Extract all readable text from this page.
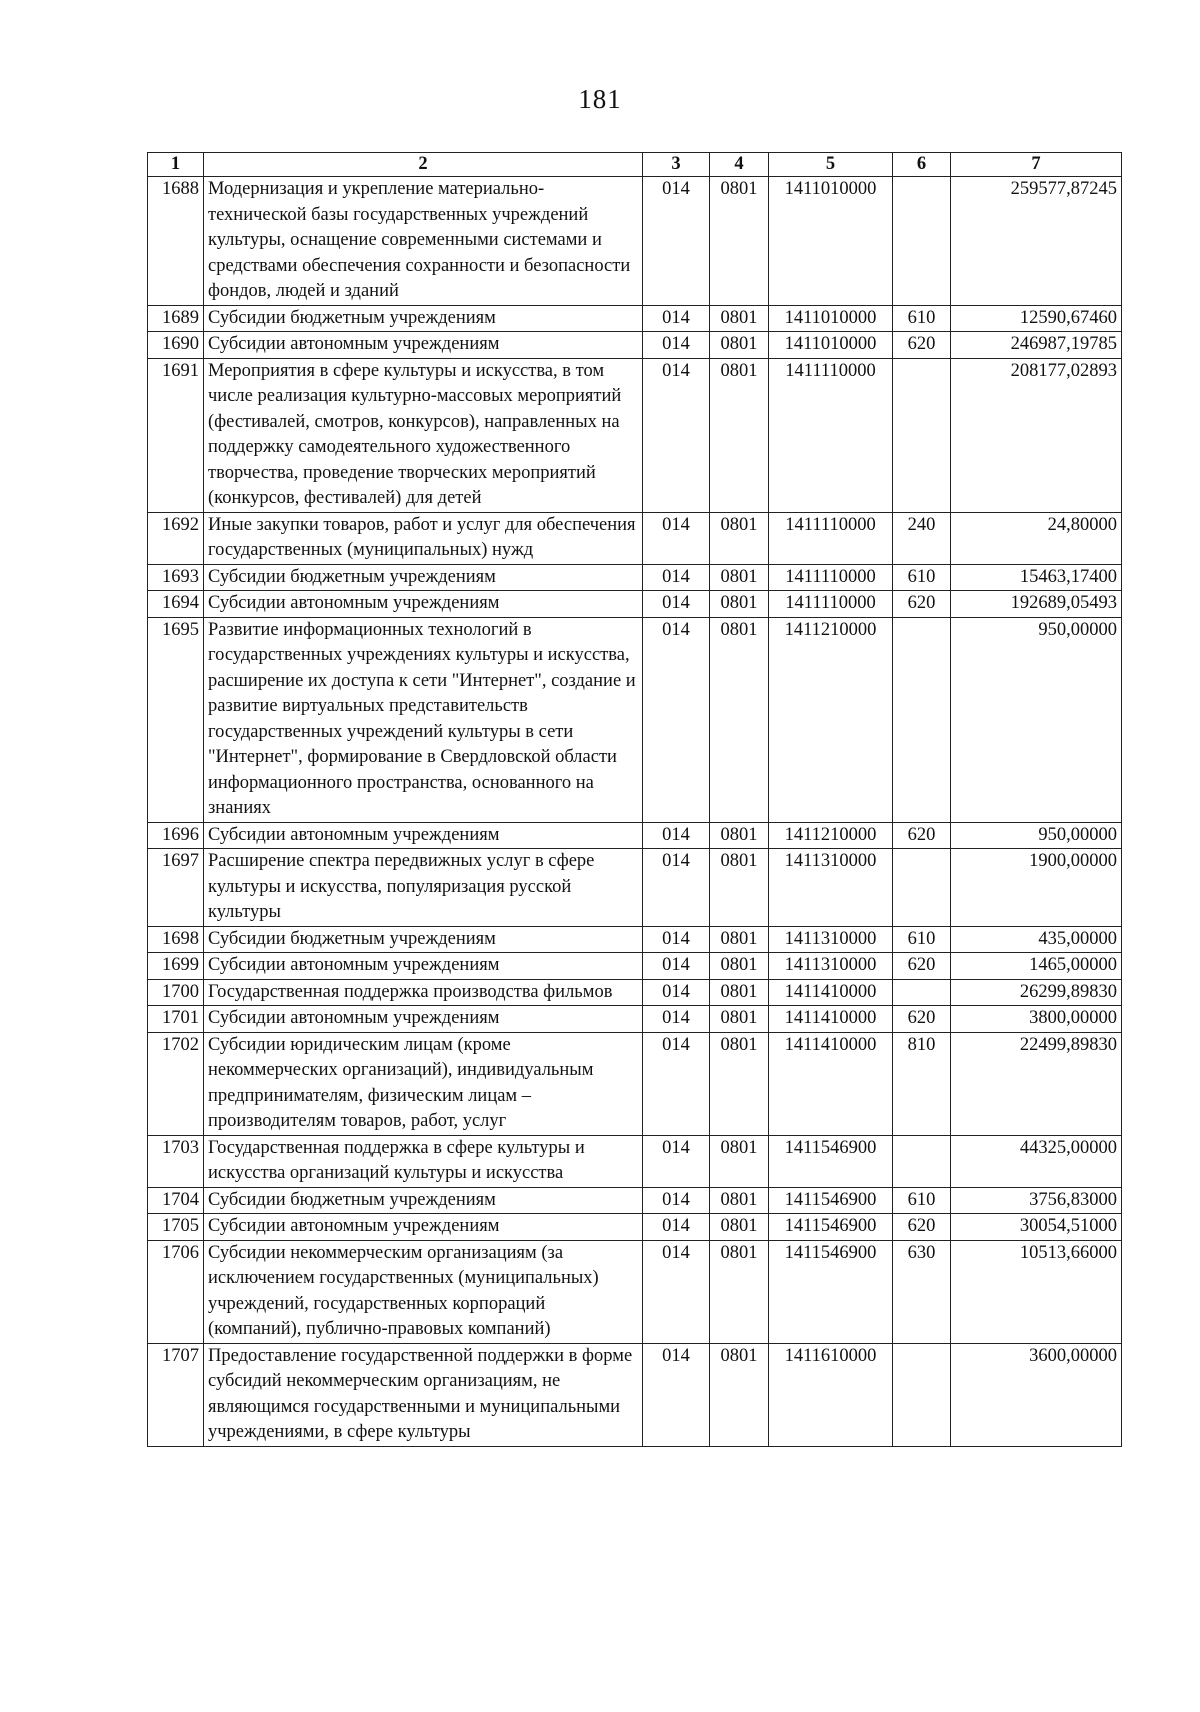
181
1	2	3	4	5	6	7
1688	Модернизация и укрепление материально-технической базы государственных учреждений культуры, оснащение современными системами и средствами обеспечения сохранности и безопасности фондов, людей и зданий	014	0801	1411010000		259577,87245
1689	Субсидии бюджетным учреждениям	014	0801	1411010000	610	12590,67460
1690	Субсидии автономным учреждениям	014	0801	1411010000	620	246987,19785
1691	Мероприятия в сфере культуры и искусства, в том числе реализация культурно-массовых мероприятий (фестивалей, смотров, конкурсов), направленных на поддержку самодеятельного художественного творчества, проведение творческих мероприятий (конкурсов, фестивалей) для детей	014	0801	1411110000		208177,02893
1692	Иные закупки товаров, работ и услуг для обеспечения государственных (муниципальных) нужд	014	0801	1411110000	240	24,80000
1693	Субсидии бюджетным учреждениям	014	0801	1411110000	610	15463,17400
1694	Субсидии автономным учреждениям	014	0801	1411110000	620	192689,05493
1695	Развитие информационных технологий в государственных учреждениях культуры и искусства, расширение их доступа к сети "Интернет", создание и развитие виртуальных представительств государственных учреждений культуры в сети "Интернет", формирование в Свердловской области информационного пространства, основанного на знаниях	014	0801	1411210000		950,00000
1696	Субсидии автономным учреждениям	014	0801	1411210000	620	950,00000
1697	Расширение спектра передвижных услуг в сфере культуры и искусства, популяризация русской культуры	014	0801	1411310000		1900,00000
1698	Субсидии бюджетным учреждениям	014	0801	1411310000	610	435,00000
1699	Субсидии автономным учреждениям	014	0801	1411310000	620	1465,00000
1700	Государственная поддержка производства фильмов	014	0801	1411410000		26299,89830
1701	Субсидии автономным учреждениям	014	0801	1411410000	620	3800,00000
1702	Субсидии юридическим лицам (кроме некоммерческих организаций), индивидуальным предпринимателям, физическим лицам – производителям товаров, работ, услуг	014	0801	1411410000	810	22499,89830
1703	Государственная поддержка в сфере культуры и искусства организаций культуры и искусства	014	0801	1411546900		44325,00000
1704	Субсидии бюджетным учреждениям	014	0801	1411546900	610	3756,83000
1705	Субсидии автономным учреждениям	014	0801	1411546900	620	30054,51000
1706	Субсидии некоммерческим организациям (за исключением государственных (муниципальных) учреждений, государственных корпораций (компаний), публично-правовых компаний)	014	0801	1411546900	630	10513,66000
1707	Предоставление государственной поддержки в форме субсидий некоммерческим организациям, не являющимся государственными и муниципальными учреждениями, в сфере культуры	014	0801	1411610000		3600,00000
